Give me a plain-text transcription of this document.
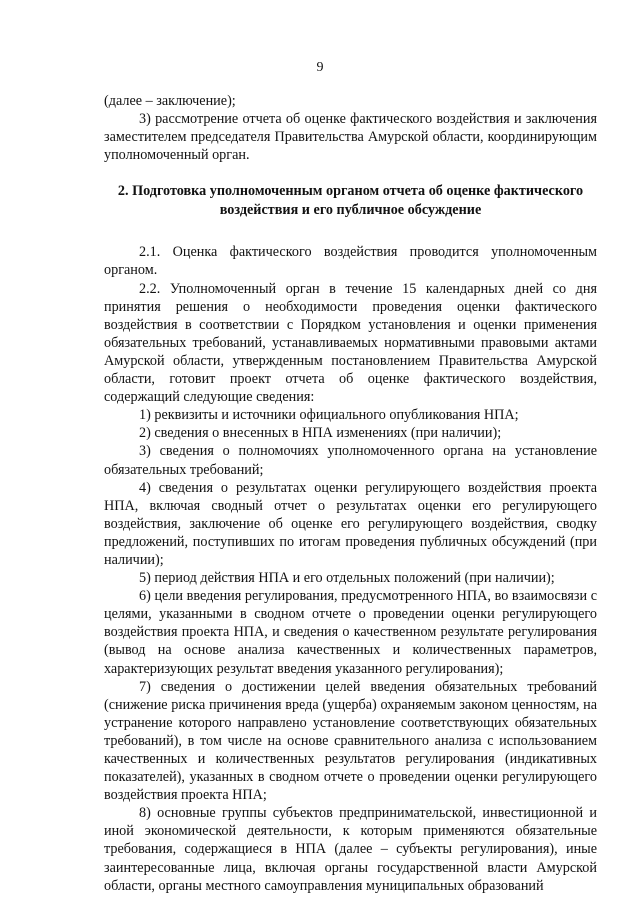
9

(далее – заключение);

3) рассмотрение отчета об оценке фактического воздействия и заключения заместителем председателя Правительства Амурской области, координирующим уполномоченный орган.

2. Подготовка уполномоченным органом отчета об оценке фактического воздействия и его публичное обсуждение

2.1. Оценка фактического воздействия проводится уполномоченным органом.

2.2. Уполномоченный орган в течение 15 календарных дней со дня принятия решения о необходимости проведения оценки фактического воздействия в соответствии с Порядком установления и оценки применения обязательных требований, устанавливаемых нормативными правовыми актами Амурской области, утвержденным постановлением Правительства Амурской области, готовит проект отчета об оценке фактического воздействия, содержащий следующие сведения:

1) реквизиты и источники официального опубликования НПА;

2) сведения о внесенных в НПА изменениях (при наличии);

3) сведения о полномочиях уполномоченного органа на установление обязательных требований;

4) сведения о результатах оценки регулирующего воздействия проекта НПА, включая сводный отчет о результатах оценки его регулирующего воздействия, заключение об оценке его регулирующего воздействия, сводку предложений, поступивших по итогам проведения публичных обсуждений (при наличии);

5) период действия НПА и его отдельных положений (при наличии);

6) цели введения регулирования, предусмотренного НПА, во взаимосвязи с целями, указанными в сводном отчете о проведении оценки регулирующего воздействия проекта НПА, и сведения о качественном результате регулирования (вывод на основе анализа качественных и количественных параметров, характеризующих результат введения указанного регулирования);

7) сведения о достижении целей введения обязательных требований (снижение риска причинения вреда (ущерба) охраняемым законом ценностям, на устранение которого направлено установление соответствующих обязательных требований), в том числе на основе сравнительного анализа с использованием качественных и количественных результатов регулирования (индикативных показателей), указанных в сводном отчете о проведении оценки регулирующего воздействия проекта НПА;

8) основные группы субъектов предпринимательской, инвестиционной и иной экономической деятельности, к которым применяются обязательные требования, содержащиеся в НПА (далее – субъекты регулирования), иные заинтересованные лица, включая органы государственной власти Амурской области, органы местного самоуправления муниципальных образований
